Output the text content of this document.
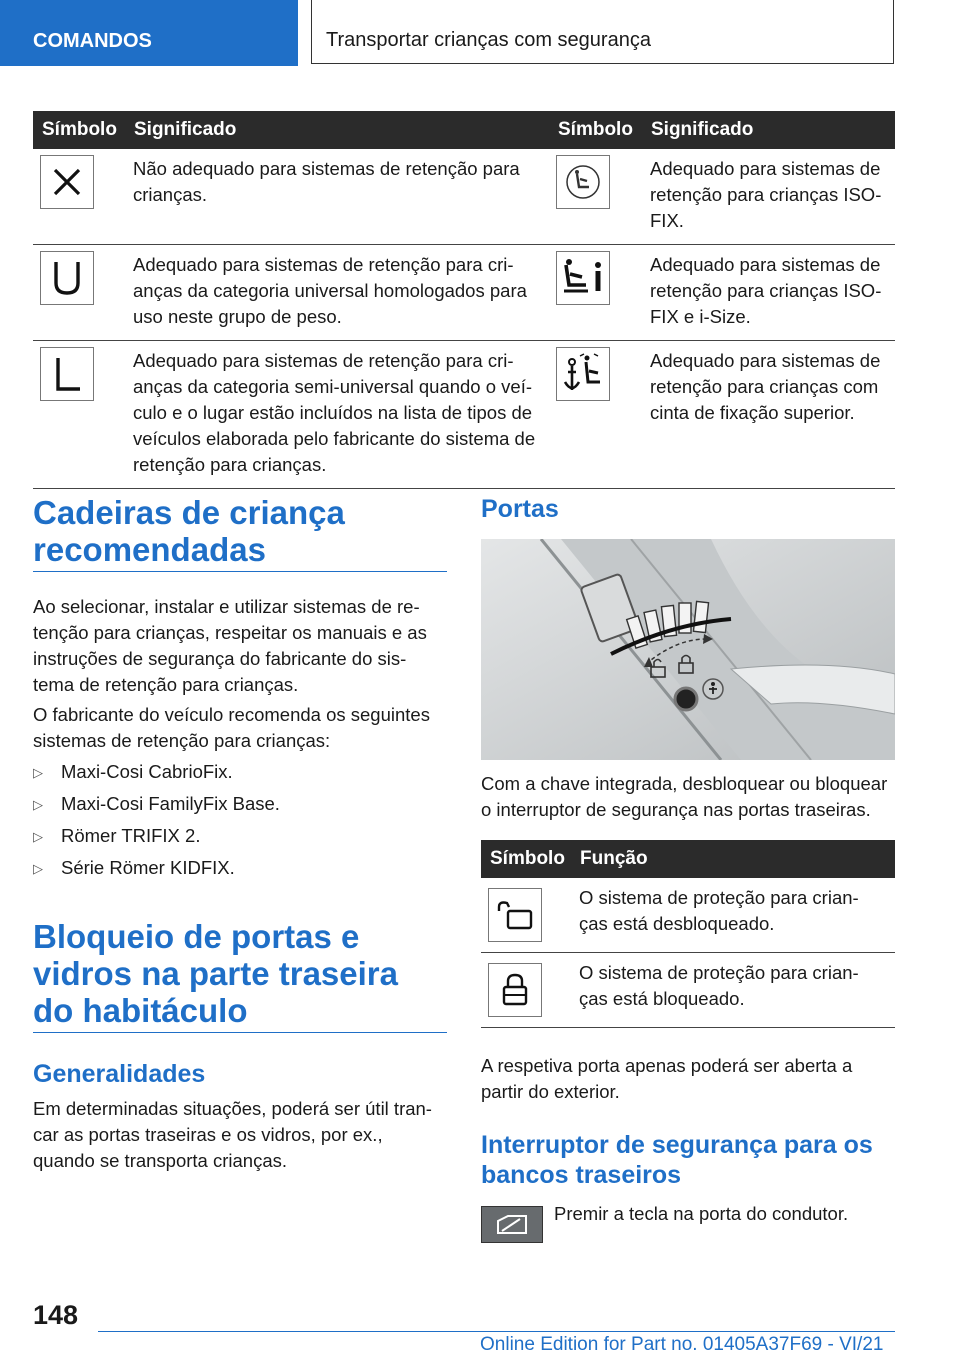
COMANDOS	Transportar crianças com segurança
Símbolo	Significado	Símbolo	Significado

Não adequado para sistemas de retenção para crianças.		Adequado para sistemas de retenção para crianças ISO-FIX.

Adequado para sistemas de retenção para cri-anças da categoria universal homologados para uso neste grupo de peso.		Adequado para sistemas de retenção para crianças ISO-FIX e i-Size.

Adequado para sistemas de retenção para cri-anças da categoria semi-universal quando o veí-culo e o lugar estão incluídos na lista de tipos de veículos elaborada pelo fabricante do sistema de retenção para crianças.		Adequado para sistemas de retenção para crianças com cinta de fixação superior.
Cadeiras de criança recomendadas

Ao selecionar, instalar e utilizar sistemas de re-tenção para crianças, respeitar os manuais e as instruções de segurança do fabricante do sis-tema de retenção para crianças.

O fabricante do veículo recomenda os seguintes sistemas de retenção para crianças:

▷ Maxi-Cosi CabrioFix.
▷ Maxi-Cosi FamilyFix Base.
▷ Römer TRIFIX 2.
▷ Série Römer KIDFIX.
Bloqueio de portas e vidros na parte traseira do habitáculo
Generalidades

Em determinadas situações, poderá ser útil tran-car as portas traseiras e os vidros, por ex., quando se transporta crianças.

Portas

Com a chave integrada, desbloquear ou bloquear o interruptor de segurança nas portas traseiras.

Símbolo	Função

O sistema de proteção para crian-ças está desbloqueado.

O sistema de proteção para crian-ças está bloqueado.

A respetiva porta apenas poderá ser aberta a partir do exterior.

Interruptor de segurança para os bancos traseiros

Premir a tecla na porta do condutor.

148
Online Edition for Part no. 01405A37F69 - VI/21
